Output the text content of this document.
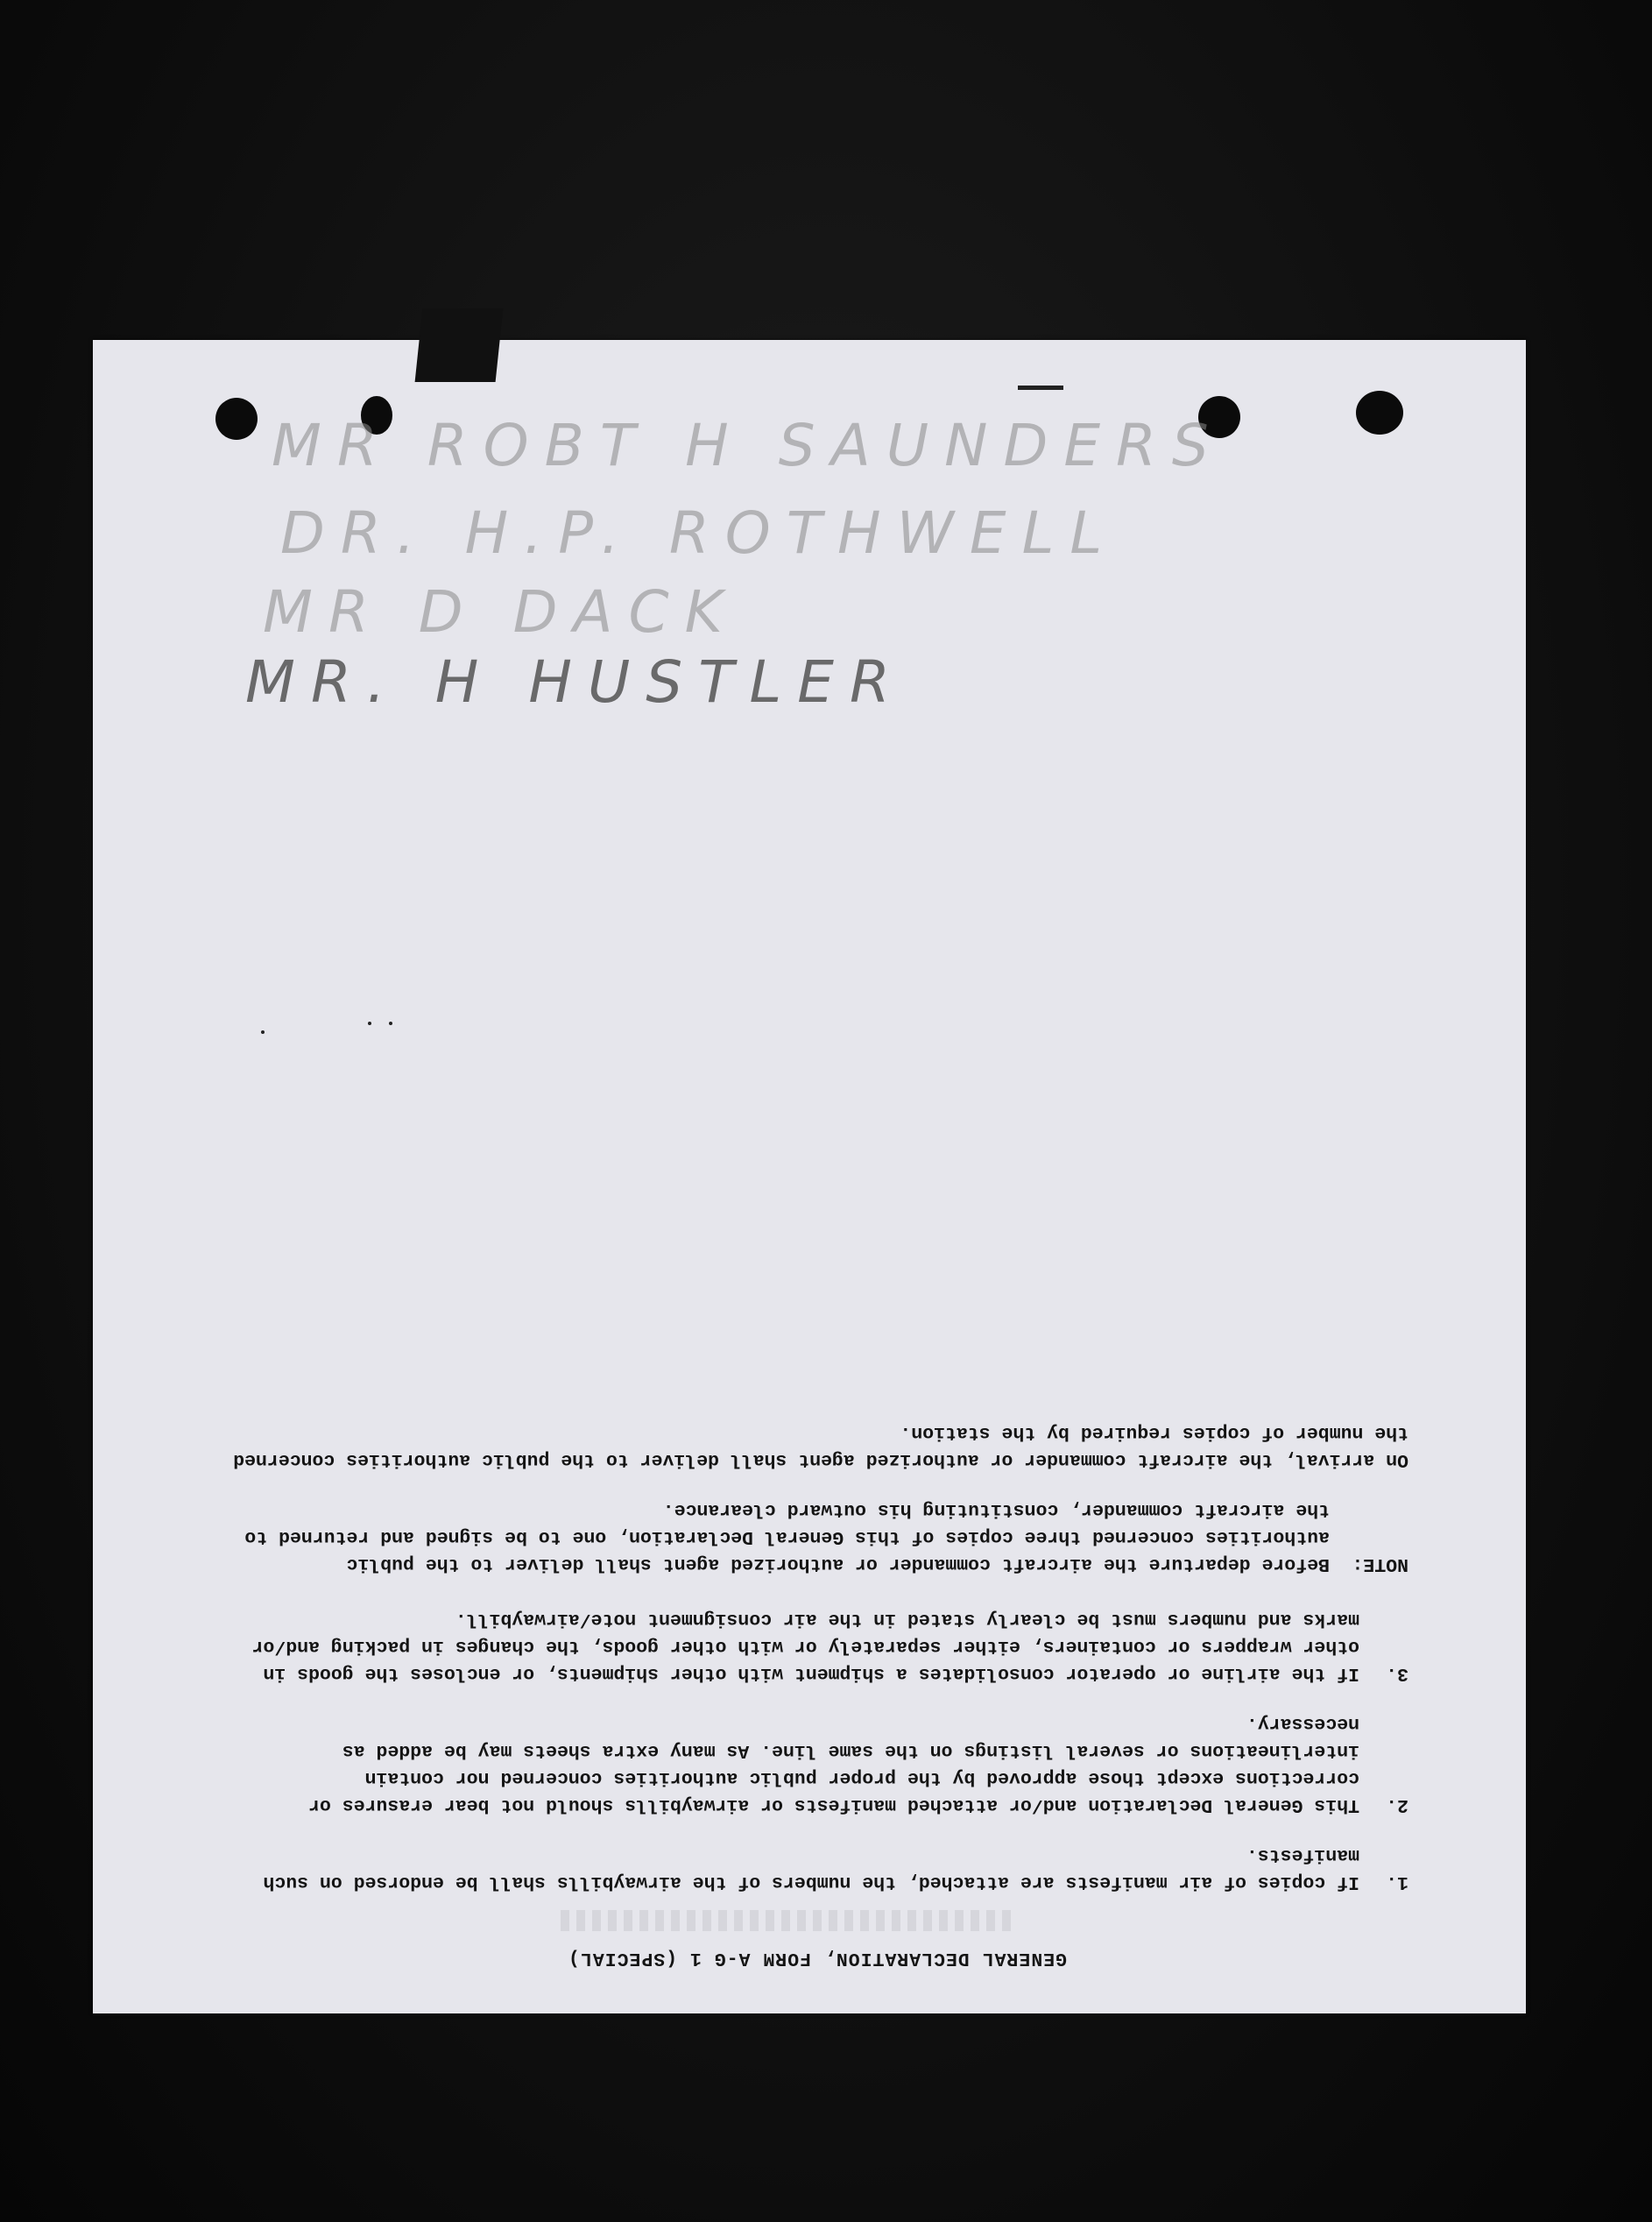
MR ROBT H SAUNDERS
DR. H.P. ROTHWELL
MR D DACK
MR. H HUSTLER
GENERAL DECLARATION, FORM A-G 1 (SPECIAL)
1.
If copies of air manifests are attached, the numbers of the airwaybills shall be endorsed on such manifests.
2.
This General Declaration and/or attached manifests or airwaybills should not bear erasures or corrections except those approved by the proper public authorities concerned nor contain interlineations or several listings on the same line. As many extra sheets may be added as necessary.
3.
If the airline or operator consolidates a shipment with other shipments, or encloses the goods in other wrappers or containers, either separately or with other goods, the changes in packing and/or marks and numbers must be clearly stated in the air consignment note/airwaybill.
NOTE:
Before departure the aircraft commander or authorized agent shall deliver to the public authorities concerned three copies of this General Declaration, one to be signed and returned to the aircraft commander, constituting his outward clearance.
On arrival, the aircraft commander or authorized agent shall deliver to the public authorities concerned the number of copies required by the station.
